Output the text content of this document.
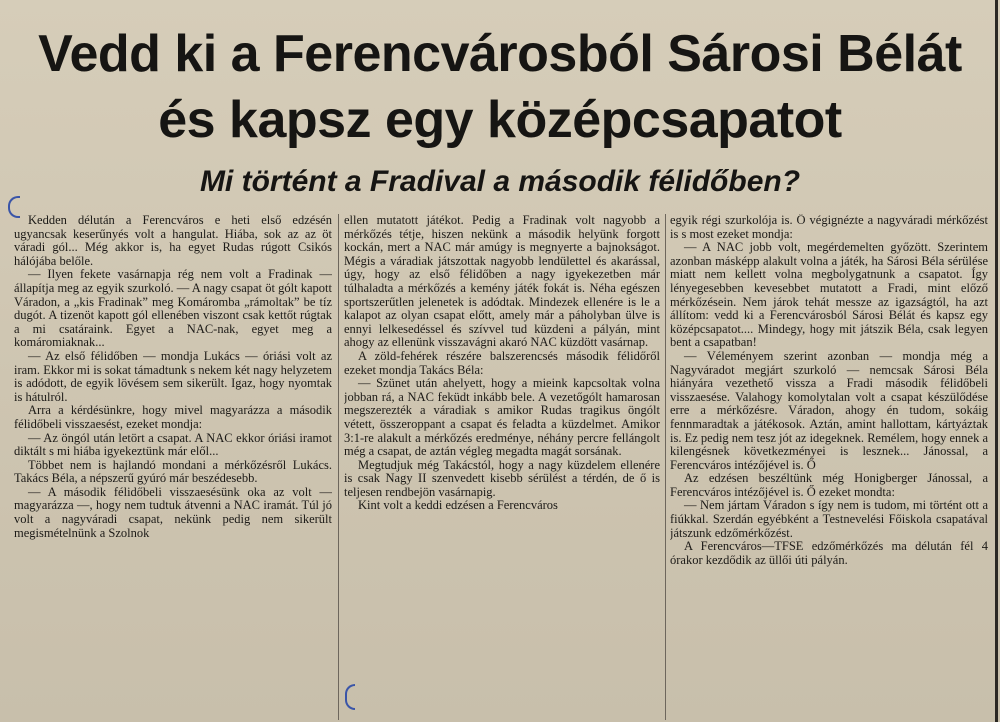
Vedd ki a Ferencvárosból Sárosi Bélát
és kapsz egy középcsapatot
Mi történt a Fradival a második félidőben?

Kedden délután a Ferencváros e heti első edzésén ugyancsak keserűnyés volt a hangulat. Hiába, sok az az öt váradi gól... Még akkor is, ha egyet Rudas rúgott Csikós hálójába belőle.

— Ilyen fekete vasárnapja rég nem volt a Fradinak — állapítja meg az egyik szurkoló. — A nagy csapat öt gólt kapott Váradon, a „kis Fradinak” meg Komáromba „rámoltak” be tíz dugót. A tizenöt kapott gól ellenében viszont csak kettőt rúgtak a mi csatáraink. Egyet a NAC-nak, egyet meg a komáromiaknak...

— Az első félidőben — mondja Lukács — óriási volt az iram. Ekkor mi is sokat támadtunk s nekem két nagy helyzetem is adódott, de egyik lövésem sem sikerült. Igaz, hogy nyomtak is hátulról.

Arra a kérdésünkre, hogy mivel magyarázza a második félidőbeli visszaesést, ezeket mondja:

— Az öngól után letört a csapat. A NAC ekkor óriási iramot diktált s mi hiába igyekeztünk már elől...

Többet nem is hajlandó mondani a mérkőzésről Lukács. Takács Béla, a népszerű gyúró már beszédesebb.

— A második félidőbeli visszaesésünk oka az volt — magyarázza —, hogy nem tudtuk átvenni a NAC iramát. Túl jó volt a nagyváradi csapat, nekünk pedig nem sikerült megismételnünk a Szolnok

ellen mutatott játékot. Pedig a Fradinak volt nagyobb a mérkőzés tétje, hiszen nekünk a második helyünk forgott kockán, mert a NAC már amúgy is megnyerte a bajnokságot. Mégis a váradiak játszottak nagyobb lendülettel és akarással, úgy, hogy az első félidőben a nagy igyekezetben már túlhaladta a mérkőzés a kemény játék fokát is. Néha egészen sportszerűtlen jelenetek is adódtak. Mindezek ellenére is le a kalapot az olyan csapat előtt, amely már a páholyban ülve is ennyi lelkesedéssel és szívvel tud küzdeni a pályán, mint ahogy az ellenünk visszavágni akaró NAC küzdött vasárnap.

A zöld-fehérek részére balszerencsés második félidőről ezeket mondja Takács Béla:

— Szünet után ahelyett, hogy a mieink kapcsoltak volna jobban rá, a NAC feküdt inkább bele. A vezetőgólt hamarosan megszerezték a váradiak s amikor Rudas tragikus öngólt vétett, összeroppant a csapat és feladta a küzdelmet. Amikor 3:1-re alakult a mérkőzés eredménye, néhány percre fellángolt még a csapat, de aztán végleg megadta magát sorsának.

Megtudjuk még Takácstól, hogy a nagy küzdelem ellenére is csak Nagy II szenvedett kisebb sérülést a térdén, de ő is teljesen rendbejön vasárnapig.

Kint volt a keddi edzésen a Ferencváros

egyik régi szurkolója is. Ő végignézte a nagyváradi mérkőzést is s most ezeket mondja:

— A NAC jobb volt, megérdemelten győzött. Szerintem azonban másképp alakult volna a játék, ha Sárosi Béla sérülése miatt nem kellett volna megbolygatnunk a csapatot. Így lényegesebben kevesebbet mutatott a Fradi, mint előző mérkőzésein. Nem járok tehát messze az igazságtól, ha azt állítom: vedd ki a Ferencvárosból Sárosi Bélát és kapsz egy középcsapatot.... Mindegy, hogy mit játszik Béla, csak legyen bent a csapatban!

— Véleményem szerint azonban — mondja még a Nagyváradot megjárt szurkoló — nemcsak Sárosi Béla hiányára vezethető vissza a Fradi második félidőbeli visszaesése. Valahogy komolytalan volt a csapat készülődése erre a mérkőzésre. Váradon, ahogy én tudom, sokáig fennmaradtak a játékosok. Aztán, amint hallottam, kártyáztak is. Ez pedig nem tesz jót az idegeknek. Remélem, hogy ennek a kilengésnek következményei is lesznek... Jánossal, a Ferencváros intézőjével is. Ő

Az edzésen beszéltünk még Honigberger Jánossal, a Ferencváros intézőjével is. Ő ezeket mondta:

— Nem jártam Váradon s így nem is tudom, mi történt ott a fiúkkal. Szerdán egyébként a Testnevelési Főiskola csapatával játszunk edzőmérkőzést.

A Ferencváros—TFSE edzőmérkőzés ma délután fél 4 órakor kezdődik az üllői úti pályán.
